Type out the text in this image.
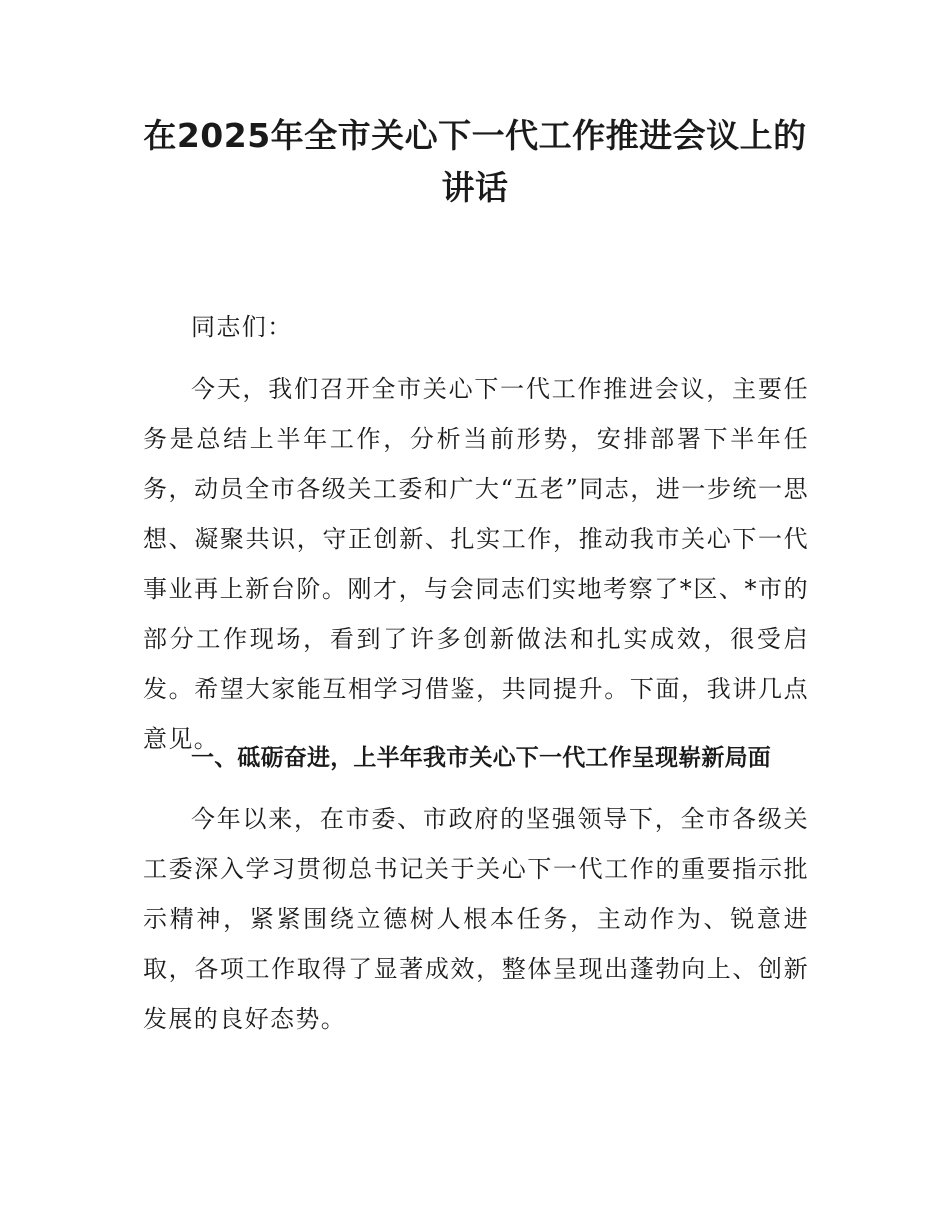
在2025年全市关心下一代工作推进会议上的讲话

同志们：

今天，我们召开全市关心下一代工作推进会议，主要任务是总结上半年工作，分析当前形势，安排部署下半年任务，动员全市各级关工委和广大“五老”同志，进一步统一思想、凝聚共识，守正创新、扎实工作，推动我市关心下一代事业再上新台阶。刚才，与会同志们实地考察了*区、*市的部分工作现场，看到了许多创新做法和扎实成效，很受启发。希望大家能互相学习借鉴，共同提升。下面，我讲几点意见。

一、砥砺奋进，上半年我市关心下一代工作呈现崭新局面

今年以来，在市委、市政府的坚强领导下，全市各级关工委深入学习贯彻总书记关于关心下一代工作的重要指示批示精神，紧紧围绕立德树人根本任务，主动作为、锐意进取，各项工作取得了显著成效，整体呈现出蓬勃向上、创新发展的良好态势。
